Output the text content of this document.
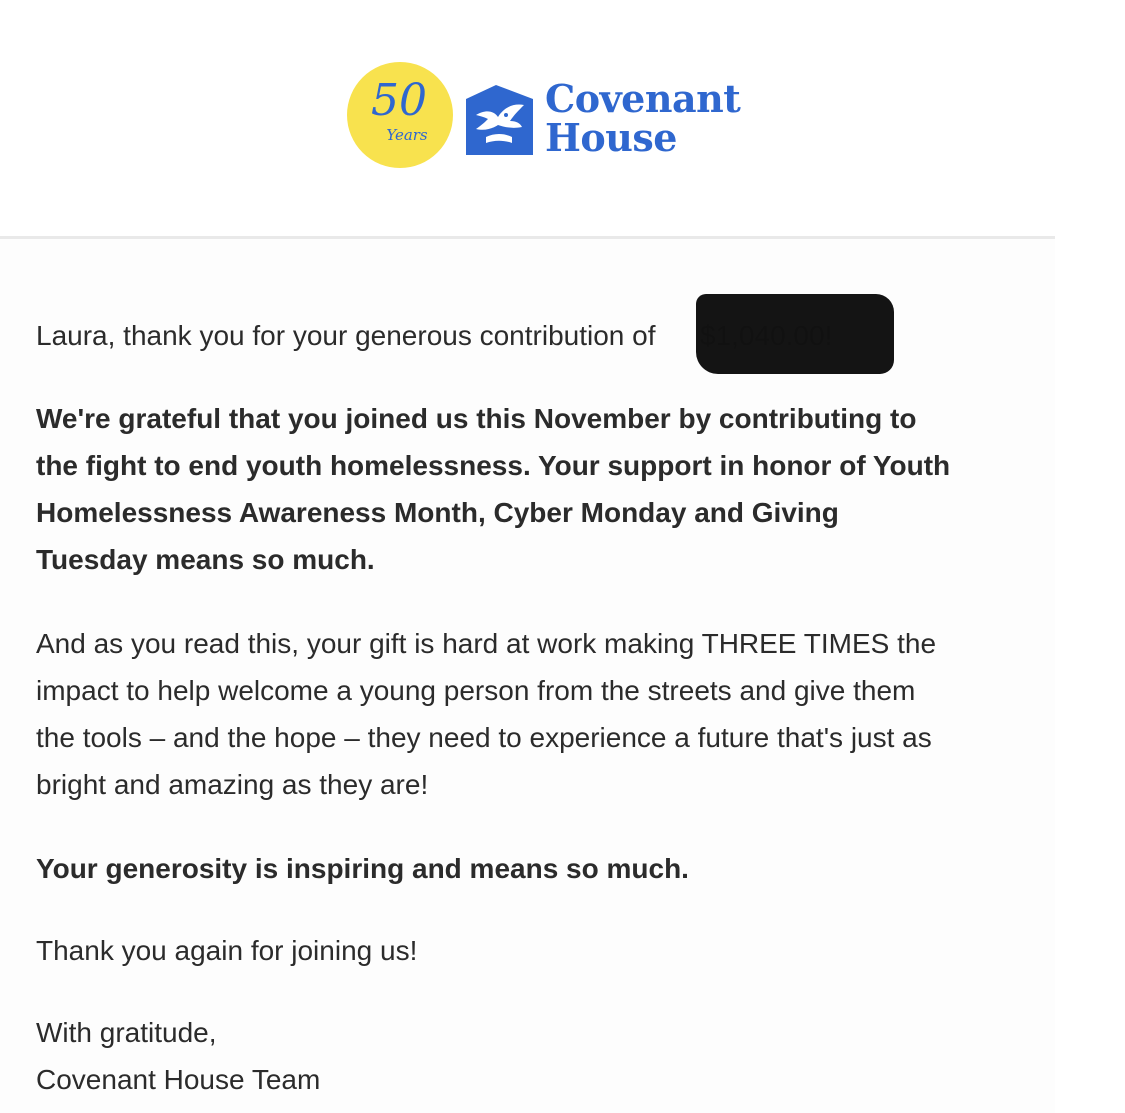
50
Years
Covenant
House

Laura, thank you for your generous contribution of

We're grateful that you joined us this November by contributing to
the fight to end youth homelessness. Your support in honor of Youth
Homelessness Awareness Month, Cyber Monday and Giving
Tuesday means so much.

And as you read this, your gift is hard at work making THREE TIMES the
impact to help welcome a young person from the streets and give them
the tools – and the hope – they need to experience a future that's just as
bright and amazing as they are!

Your generosity is inspiring and means so much.

Thank you again for joining us!

With gratitude,
Covenant House Team
